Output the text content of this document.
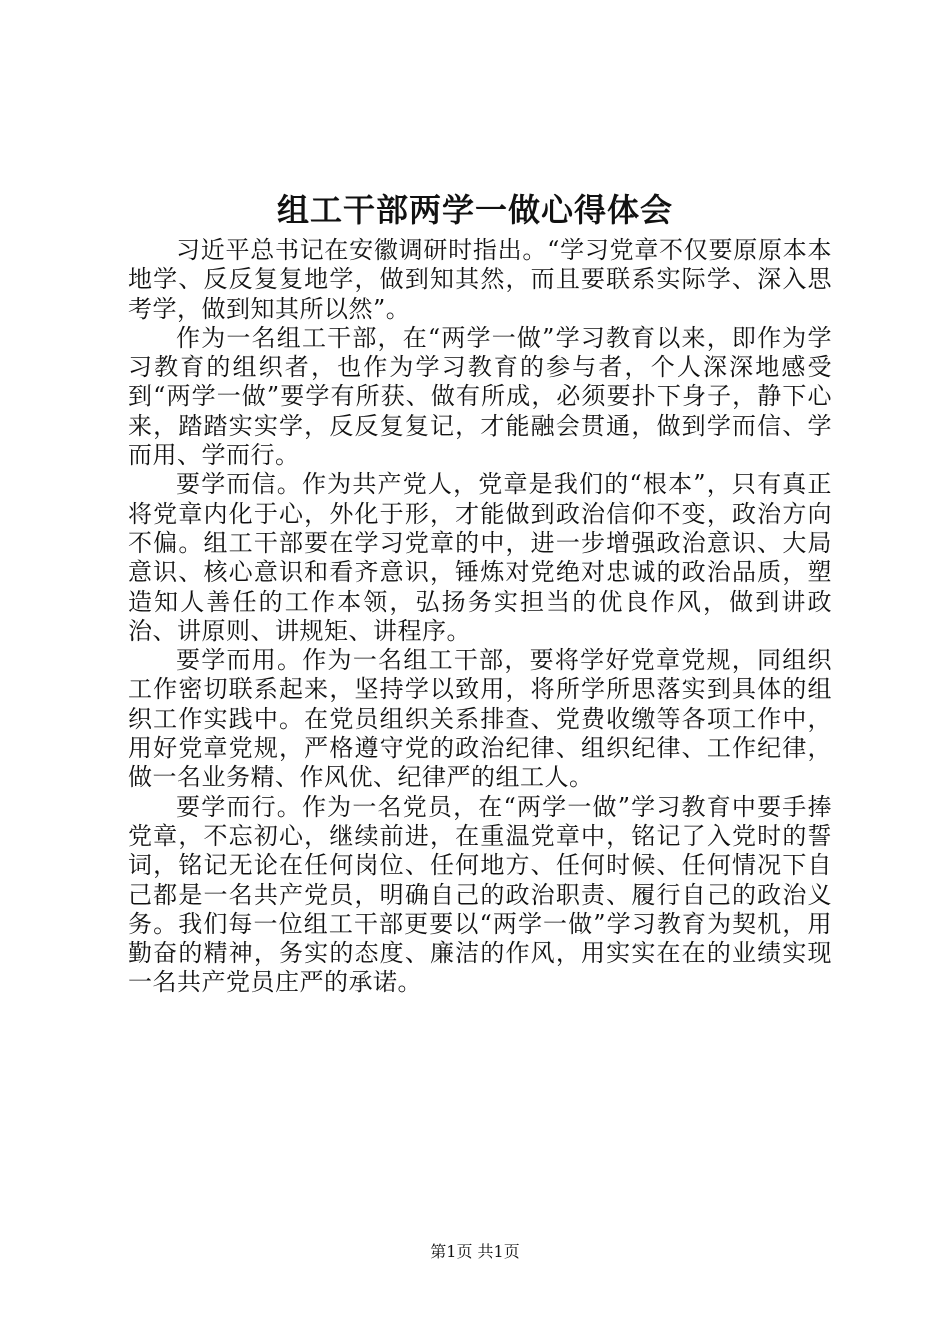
组工干部两学一做心得体会

习近平总书记在安徽调研时指出。“学习党章不仅要原原本本地学、反反复复地学，做到知其然，而且要联系实际学、深入思考学，做到知其所以然”。

作为一名组工干部，在“两学一做”学习教育以来，即作为学习教育的组织者，也作为学习教育的参与者，个人深深地感受到“两学一做”要学有所获、做有所成，必须要扑下身子，静下心来，踏踏实实学，反反复复记，才能融会贯通，做到学而信、学而用、学而行。

要学而信。作为共产党人，党章是我们的“根本”，只有真正将党章内化于心，外化于形，才能做到政治信仰不变，政治方向不偏。组工干部要在学习党章的中，进一步增强政治意识、大局意识、核心意识和看齐意识，锤炼对党绝对忠诚的政治品质，塑造知人善任的工作本领，弘扬务实担当的优良作风，做到讲政治、讲原则、讲规矩、讲程序。

要学而用。作为一名组工干部，要将学好党章党规，同组织工作密切联系起来，坚持学以致用，将所学所思落实到具体的组织工作实践中。在党员组织关系排查、党费收缴等各项工作中，用好党章党规，严格遵守党的政治纪律、组织纪律、工作纪律，做一名业务精、作风优、纪律严的组工人。

要学而行。作为一名党员，在“两学一做”学习教育中要手捧党章，不忘初心，继续前进，在重温党章中，铭记了入党时的誓词，铭记无论在任何岗位、任何地方、任何时候、任何情况下自己都是一名共产党员，明确自己的政治职责、履行自己的政治义务。我们每一位组工干部更要以“两学一做”学习教育为契机，用勤奋的精神，务实的态度、廉洁的作风，用实实在在的业绩实现一名共产党员庄严的承诺。

第1页 共1页
